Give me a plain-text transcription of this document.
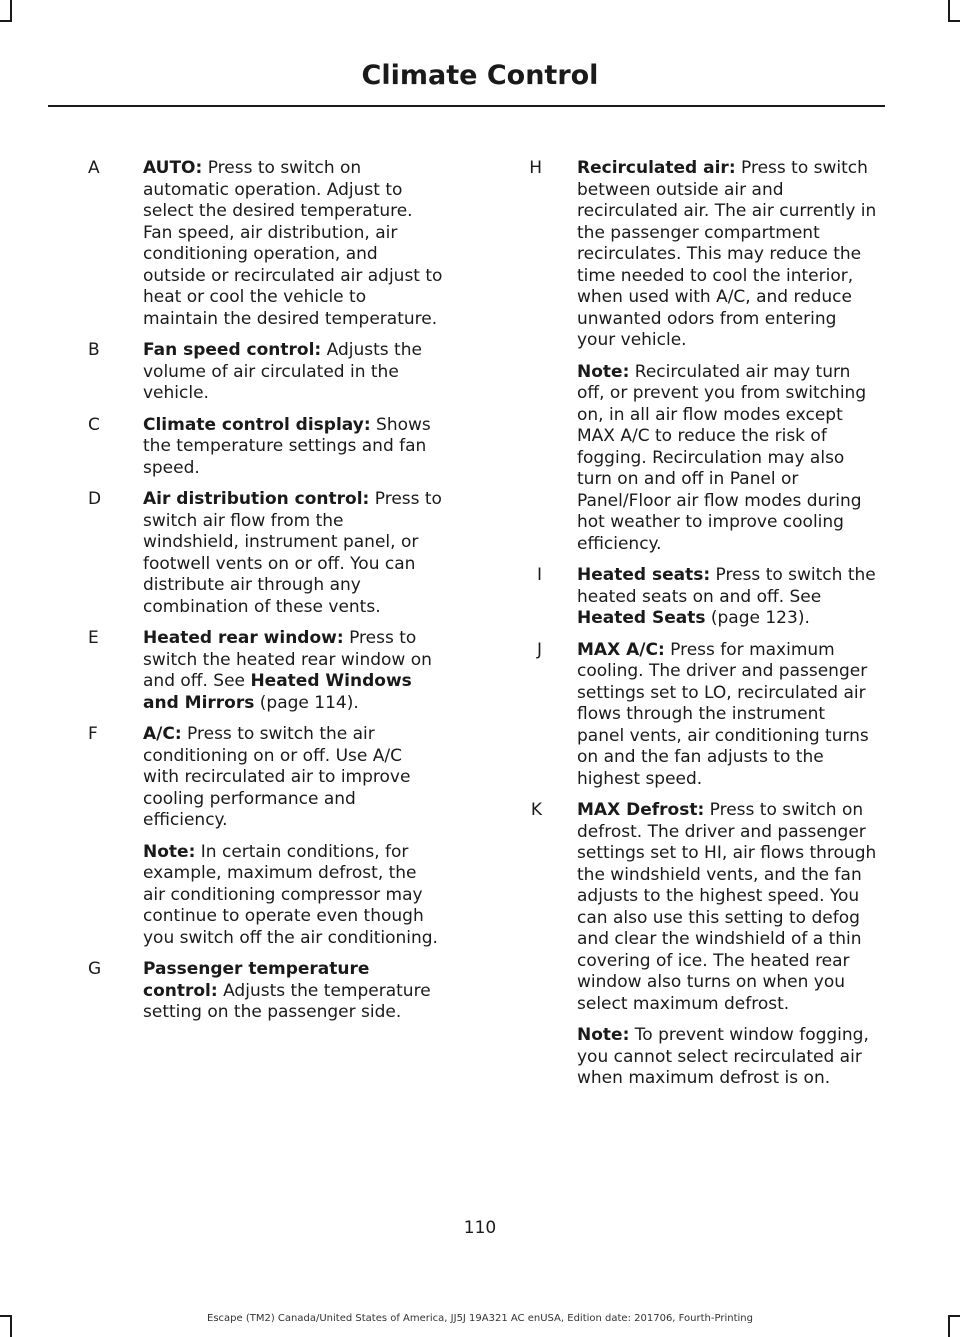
Climate Control
A	AUTO: Press to switch on automatic operation. Adjust to select the desired temperature. Fan speed, air distribution, air conditioning operation, and outside or recirculated air adjust to heat or cool the vehicle to maintain the desired temperature.
B	Fan speed control: Adjusts the volume of air circulated in the vehicle.
C	Climate control display: Shows the temperature settings and fan speed.
D	Air distribution control: Press to switch air flow from the windshield, instrument panel, or footwell vents on or off. You can distribute air through any combination of these vents.
E	Heated rear window: Press to switch the heated rear window on and off. See Heated Windows and Mirrors (page 114).
F	A/C: Press to switch the air conditioning on or off. Use A/C with recirculated air to improve cooling performance and efficiency.
Note: In certain conditions, for example, maximum defrost, the air conditioning compressor may continue to operate even though you switch off the air conditioning.
G	Passenger temperature control: Adjusts the temperature setting on the passenger side.
H Recirculated air: Press to switch between outside air and recirculated air. The air currently in the passenger compartment recirculates. This may reduce the time needed to cool the interior, when used with A/C, and reduce unwanted odors from entering your vehicle.
Note: Recirculated air may turn off, or prevent you from switching on, in all air flow modes except MAX A/C to reduce the risk of fogging. Recirculation may also turn on and off in Panel or Panel/Floor air flow modes during hot weather to improve cooling efficiency.
I Heated seats: Press to switch the heated seats on and off. See Heated Seats (page 123).
J MAX A/C: Press for maximum cooling. The driver and passenger settings set to LO, recirculated air flows through the instrument panel vents, air conditioning turns on and the fan adjusts to the highest speed.
K MAX Defrost: Press to switch on defrost. The driver and passenger settings set to HI, air flows through the windshield vents, and the fan adjusts to the highest speed. You can also use this setting to defog and clear the windshield of a thin covering of ice. The heated rear window also turns on when you select maximum defrost.
Note: To prevent window fogging, you cannot select recirculated air when maximum defrost is on.
110
Escape (TM2) Canada/United States of America, JJ5J 19A321 AC enUSA, Edition date: 201706, Fourth-Printing
